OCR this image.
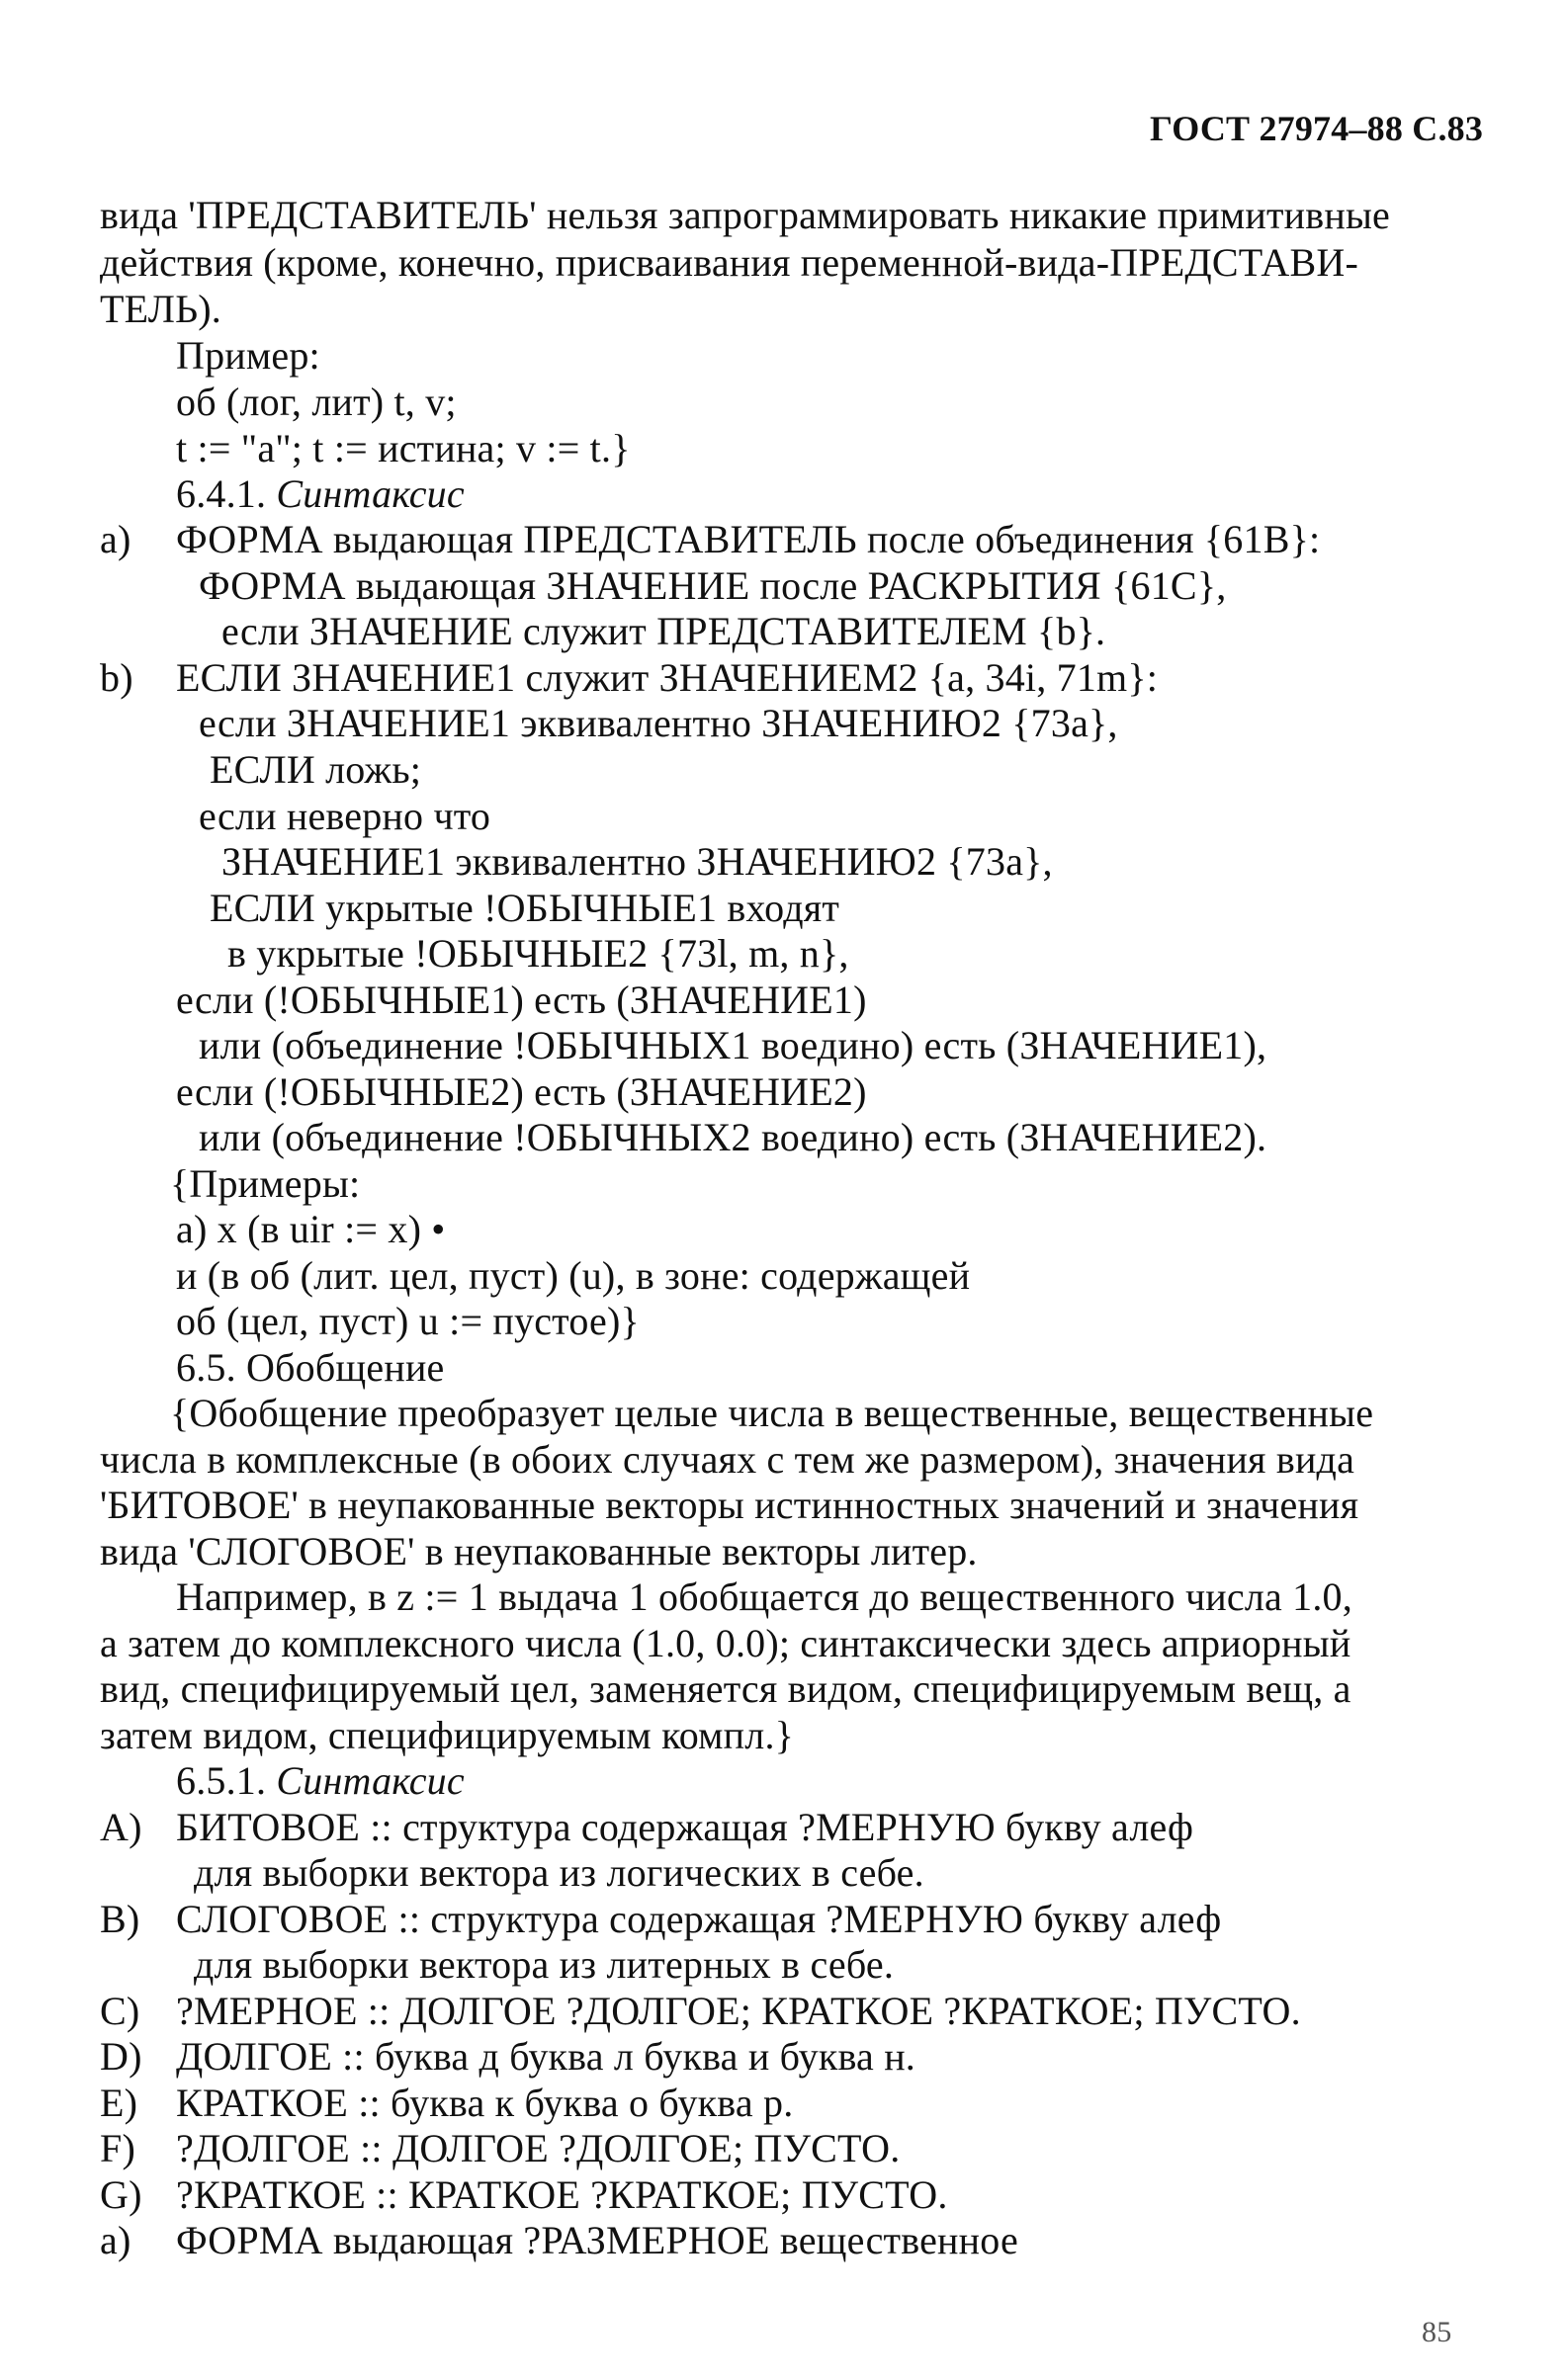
ГОСТ 27974–88 С.83
вида 'ПРЕДСТАВИТЕЛЬ' нельзя запрограммировать никакие примитивные
действия (кроме, конечно, присваивания переменной-вида-ПРЕДСТАВИ-
ТЕЛЬ).
Пример:
об (лог, лит) t, v;
t := "a"; t := истина; v := t.}
6.4.1. Синтаксис
а) ФОРМА выдающая ПРЕДСТАВИТЕЛЬ после объединения {61B}:
ФОРМА выдающая ЗНАЧЕНИЕ после РАСКРЫТИЯ {61C},
если ЗНАЧЕНИЕ служит ПРЕДСТАВИТЕЛЕМ {b}.
b) ЕСЛИ ЗНАЧЕНИЕ1 служит ЗНАЧЕНИЕМ2 {a, 34i, 71m}:
если ЗНАЧЕНИЕ1 эквивалентно ЗНАЧЕНИЮ2 {73a},
ЕСЛИ ложь;
если неверно что
ЗНАЧЕНИЕ1 эквивалентно ЗНАЧЕНИЮ2 {73a},
ЕСЛИ укрытые !ОБЫЧНЫЕ1 входят
в укрытые !ОБЫЧНЫЕ2 {73l, m, n},
если (!ОБЫЧНЫЕ1) есть (ЗНАЧЕНИЕ1)
или (объединение !ОБЫЧНЫХ1 воедино) есть (ЗНАЧЕНИЕ1),
если (!ОБЫЧНЫЕ2) есть (ЗНАЧЕНИЕ2)
или (объединение !ОБЫЧНЫХ2 воедино) есть (ЗНАЧЕНИЕ2).
{Примеры:
а) x (в uir := x) •
и (в об (лит. цел, пуст) (u), в зоне: содержащей
об (цел, пуст) u := пустое)}
6.5. Обобщение
{Обобщение преобразует целые числа в вещественные, вещественные
числа в комплексные (в обоих случаях с тем же размером), значения вида
'БИТОВОЕ' в неупакованные векторы истинностных значений и значения
вида 'СЛОГОВОЕ' в неупакованные векторы литер.
Например, в z := 1 выдача 1 обобщается до вещественного числа 1.0,
а затем до комплексного числа (1.0, 0.0); синтаксически здесь априорный
вид, специфицируемый цел, заменяется видом, специфицируемым вещ, а
затем видом, специфицируемым компл.}
6.5.1. Синтаксис
A) БИТОВОЕ :: структура содержащая ?МЕРНУЮ букву алеф
для выборки вектора из логических в себе.
B) СЛОГОВОЕ :: структура содержащая ?МЕРНУЮ букву алеф
для выборки вектора из литерных в себе.
C) ?МЕРНОЕ :: ДОЛГОЕ ?ДОЛГОЕ; КРАТКОЕ ?КРАТКОЕ; ПУСТО.
D) ДОЛГОЕ :: буква д буква л буква и буква н.
E) КРАТКОЕ :: буква к буква о буква р.
F) ?ДОЛГОЕ :: ДОЛГОЕ ?ДОЛГОЕ; ПУСТО.
G) ?КРАТКОЕ :: КРАТКОЕ ?КРАТКОЕ; ПУСТО.
а) ФОРМА выдающая ?РАЗМЕРНОЕ вещественное
85
